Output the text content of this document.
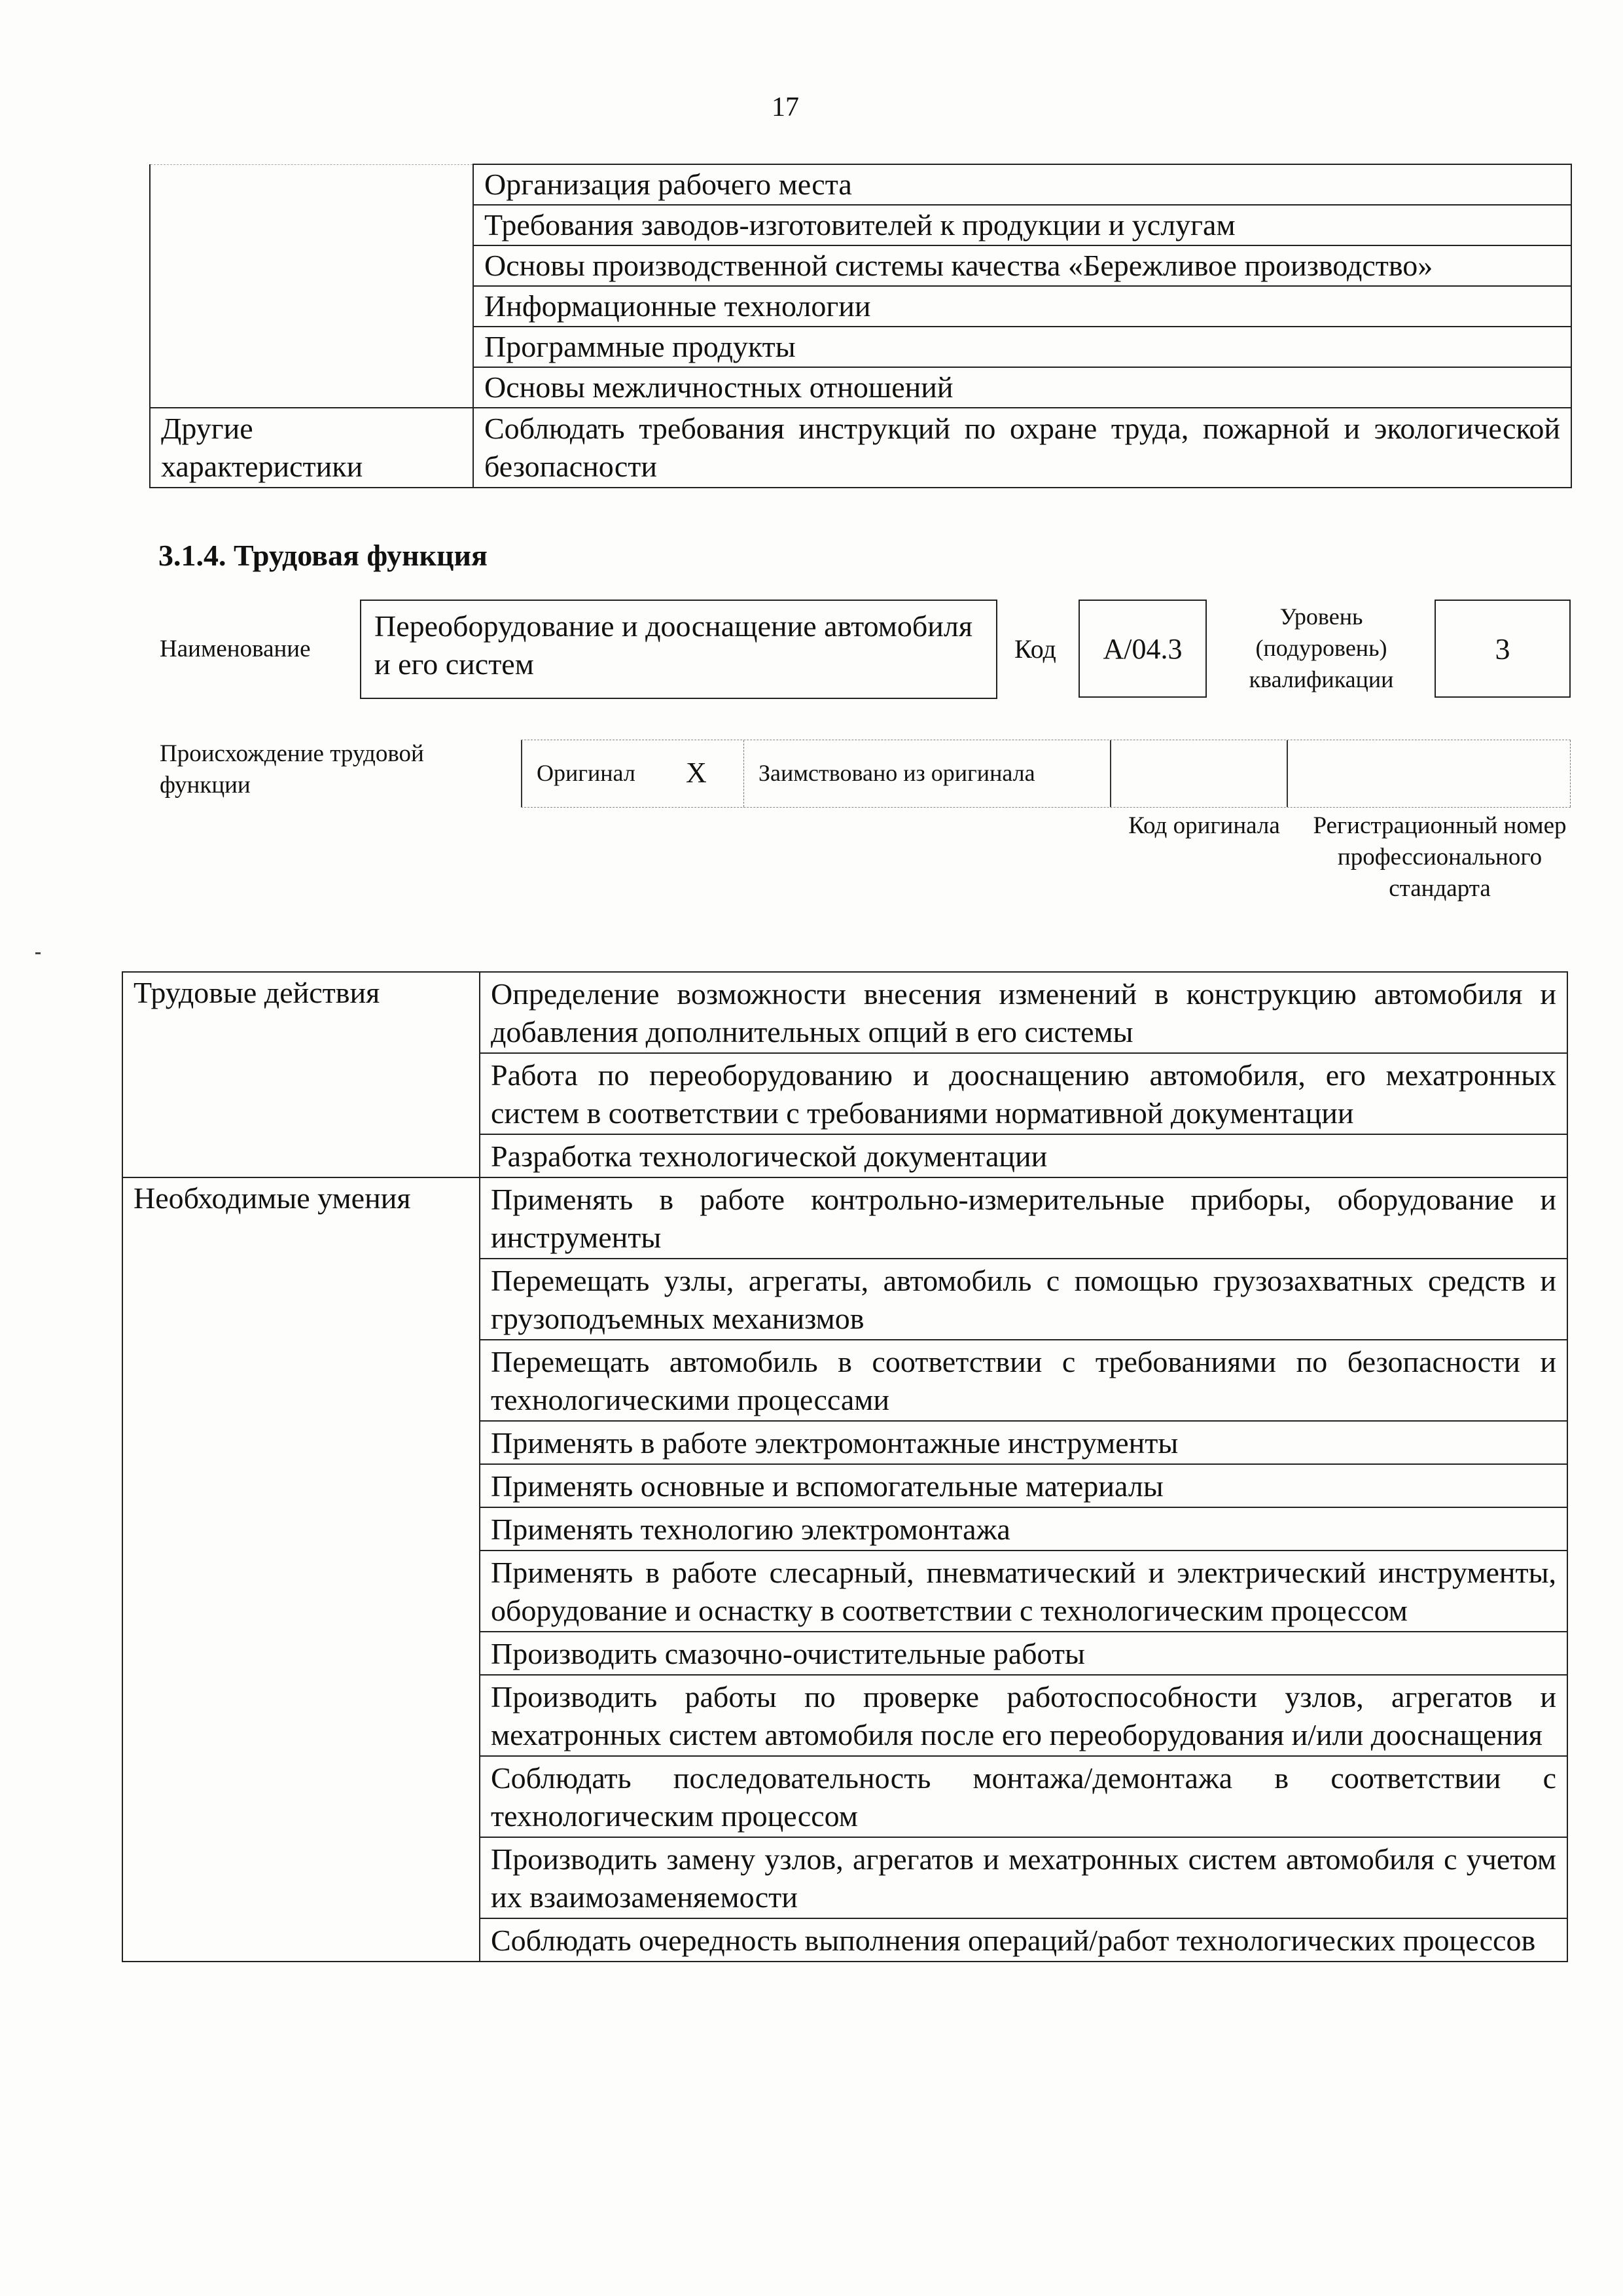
17
	Организация рабочего места
	Требования заводов-изготовителей к продукции и услугам
	Основы производственной системы качества «Бережливое производство»
	Информационные технологии
	Программные продукты
	Основы межличностных отношений
Другие характеристики	Соблюдать требования инструкций по охране труда, пожарной и экологической безопасности
3.1.4. Трудовая функция
Наименование
Переоборудование и дооснащение автомобиля и его систем	Код	A/04.3
Уровень (подуровень) квалификации
3
Происхождение трудовой функции	Оригинал	X	Заимствовано из оригинала
Код оригинала	Регистрационный номер профессионального стандарта
Трудовые действия	Определение возможности внесения изменений в конструкцию автомобиля и добавления дополнительных опций в его системы
	Работа по переоборудованию и дооснащению автомобиля, его мехатронных систем в соответствии с требованиями нормативной документации
	Разработка технологической документации
Необходимые умения	Применять в работе контрольно-измерительные приборы, оборудование и инструменты
	Перемещать узлы, агрегаты, автомобиль с помощью грузозахватных средств и грузоподъемных механизмов
	Перемещать автомобиль в соответствии с требованиями по безопасности и технологическими процессами
	Применять в работе электромонтажные инструменты
	Применять основные и вспомогательные материалы
	Применять технологию электромонтажа
	Применять в работе слесарный, пневматический и электрический инструменты, оборудование и оснастку в соответствии с технологическим процессом
	Производить смазочно-очистительные работы
	Производить работы по проверке работоспособности узлов, агрегатов и мехатронных систем автомобиля после его переоборудования и/или дооснащения
	Соблюдать последовательность монтажа/демонтажа в соответствии с технологическим процессом
	Производить замену узлов, агрегатов и мехатронных систем автомобиля с учетом их взаимозаменяемости
	Соблюдать очередность выполнения операций/работ технологических процессов
